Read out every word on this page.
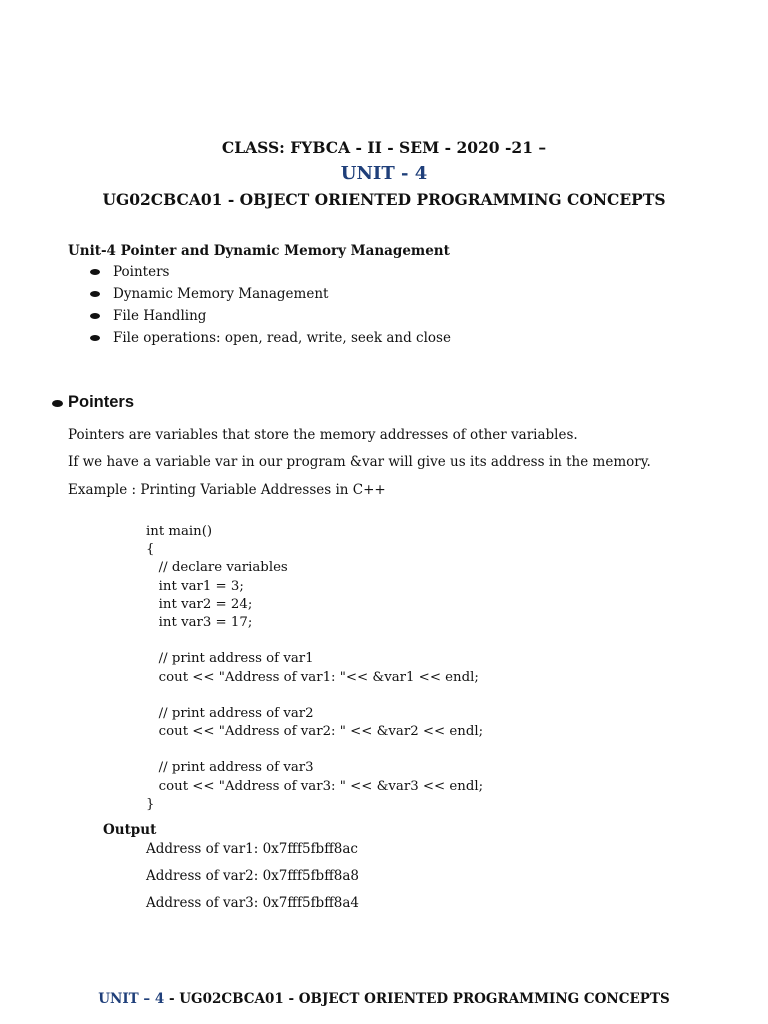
CLASS: FYBCA - II - SEM - 2020 -21 –
UNIT - 4
UG02CBCA01 - OBJECT ORIENTED PROGRAMMING CONCEPTS
Unit-4 Pointer and Dynamic Memory Management
Pointers
Dynamic Memory Management
File Handling
File operations: open, read, write, seek and close
Pointers
Pointers are variables that store the memory addresses of other variables.
If we have a variable var in our program &var will give us its address in the memory.
Example : Printing Variable Addresses in C++
int main()
{
// declare variables
int var1 = 3;
int var2 = 24;
int var3 = 17;
// print address of var1
cout << "Address of var1: "<< &var1 << endl;
// print address of var2
cout << "Address of var2: " << &var2 << endl;
// print address of var3
cout << "Address of var3: " << &var3 << endl;
}
Output
Address of var1: 0x7fff5fbff8ac
Address of var2: 0x7fff5fbff8a8
Address of var3: 0x7fff5fbff8a4
UNIT – 4 - UG02CBCA01 - OBJECT ORIENTED PROGRAMMING CONCEPTS
